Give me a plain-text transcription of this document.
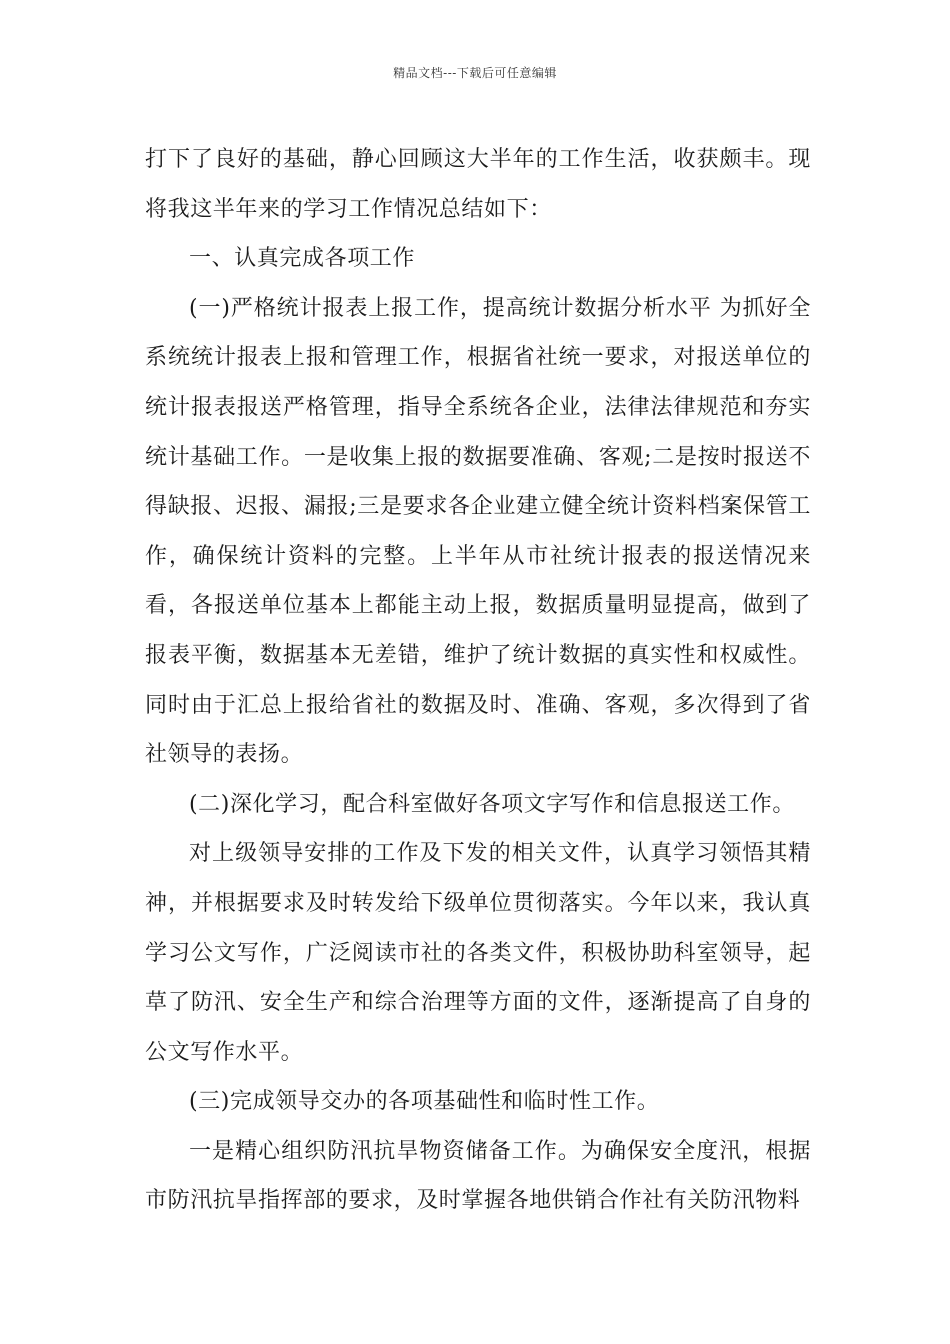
精品文档---下载后可任意编辑

打下了良好的基础，静心回顾这大半年的工作生活，收获颇丰。现将我这半年来的学习工作情况总结如下：

一、认真完成各项工作

(一)严格统计报表上报工作，提高统计数据分析水平 为抓好全系统统计报表上报和管理工作，根据省社统一要求，对报送单位的统计报表报送严格管理，指导全系统各企业，法律法律规范和夯实统计基础工作。一是收集上报的数据要准确、客观;二是按时报送不得缺报、迟报、漏报;三是要求各企业建立健全统计资料档案保管工作，确保统计资料的完整。上半年从市社统计报表的报送情况来看，各报送单位基本上都能主动上报，数据质量明显提高，做到了报表平衡，数据基本无差错，维护了统计数据的真实性和权威性。同时由于汇总上报给省社的数据及时、准确、客观，多次得到了省社领导的表扬。

(二)深化学习，配合科室做好各项文字写作和信息报送工作。

对上级领导安排的工作及下发的相关文件，认真学习领悟其精神，并根据要求及时转发给下级单位贯彻落实。今年以来，我认真学习公文写作，广泛阅读市社的各类文件，积极协助科室领导，起草了防汛、安全生产和综合治理等方面的文件，逐渐提高了自身的公文写作水平。

(三)完成领导交办的各项基础性和临时性工作。

一是精心组织防汛抗旱物资储备工作。为确保安全度汛，根据市防汛抗旱指挥部的要求，及时掌握各地供销合作社有关防汛物料
